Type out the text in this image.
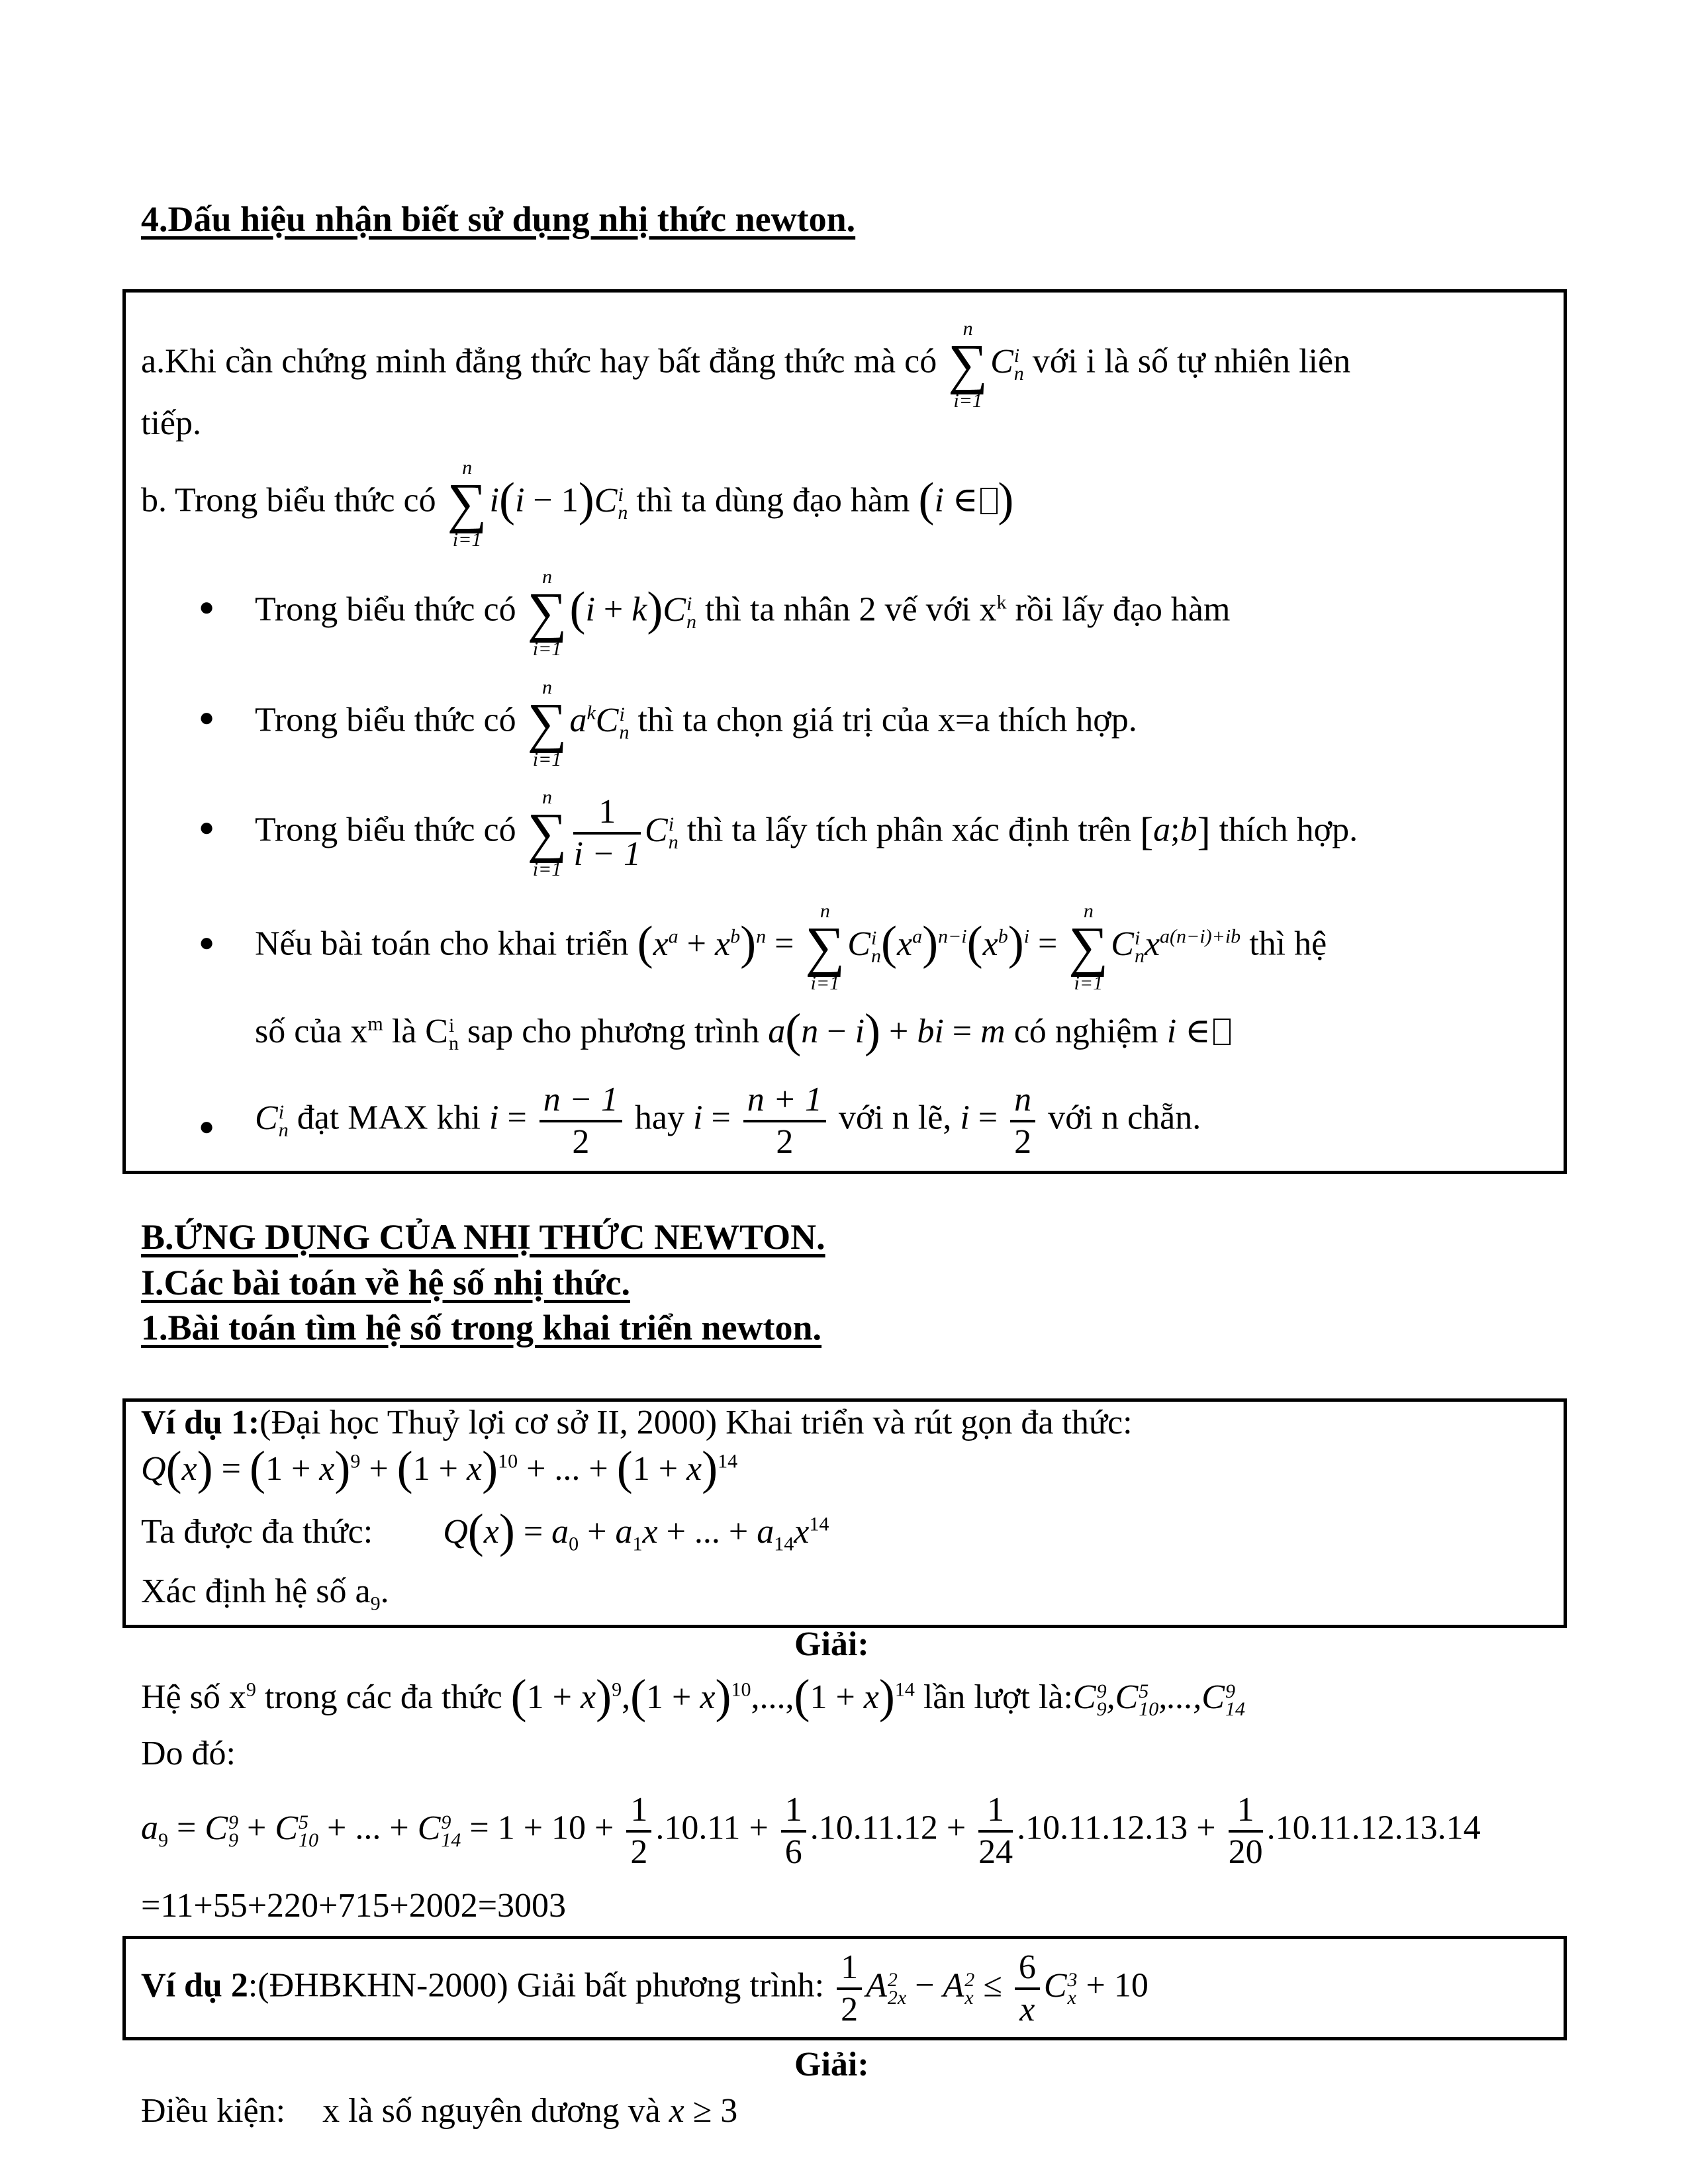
4.Dấu hiệu nhận biết sử dụng nhị thức newton.
a.Khi cần chứng minh đẳng thức hay bất đẳng thức mà có
n
∑
i=1
C i
n với i là số tự nhiên liên
tiếp.
b. Trong biểu thức có
n
∑
i=1
i(i − 1)C i
n thì ta dùng đạo hàm (i ∈ )
● Trong biểu thức có
n
∑
i=1
(i + k)C i
n thì ta nhân 2 vế với $x^k$ rồi lấy đạo hàm
● Trong biểu thức có
n
∑
i=1
$a^kC$ i
n thì ta chọn giá trị của x=a thích hợp.
● Trong biểu thức có
n
∑
$i=1 \frac{1}{i - 1}$ C i
n thì ta lấy tích phân xác định trên [a;b] thích hợp.
● Nếu bài toán cho khai triển $(x^a + x^b)^n$ =
n
∑
i=1
C i
n $(x^a)^{n-i}(x^b)^i$ =
n
∑
i=1
C i
n $x^{a(n-i)+ib}$ thì hệ
số của $x^m$ là C i
n sap cho phương trình a(n − i) + bi = m có nghiệm i ∈
● C i
n đạt MAX khi $i = \frac{n - 1}{2}$ hay $i = \frac{n + 1}{2}$ với n lẽ, $i = \frac{n}{2}$ với n chẵn.
B.ỨNG DỤNG CỦA NHỊ THỨC NEWTON.
I.Các bài toán về hệ số nhị thức.
1.Bài toán tìm hệ số trong khai triển newton.
Ví dụ 1:(Đại học Thuỷ lợi cơ sở II, 2000) Khai triển và rút gọn đa thức:
$Q(x) = (1 + x)^9 + (1 + x)^{10}$ + ... + $(1 + x)^{14}$
Ta được đa thức: $Q(x) = a_0 + a_1x$ + ... + $a_{14}x^{14}$
Xác định hệ số $a_9$.
Giải:
Hệ số $x^9$ trong các đa thức $(1 + x)^9,(1 + x)^{10},...,(1 + x)^{14}$ lần lượt là:C 9
9 ,C 5
10 ,...,C 9
14
Do đó:
$a_9 = C$ 9
9 + C 5
10 + ... + C 9
$14 = 1 + 10 + \frac{1}{2} .10.11 + \frac{1}{6} .10.11.12 + \frac{1}{24} .10.11.12.13 + \frac{1}{20} .10.11.12.13.14$
=11+55+220+715+2002=3003
Ví dụ 2:(ĐHBKHN-2000) Giải bất phương trình: $\frac{1}{2}$ A 2
2x − A 2
$x \le \frac{6}{x}$ C 3
x + 10
Giải:
Điều kiện: x là số nguyên dương và x ≥ 3
